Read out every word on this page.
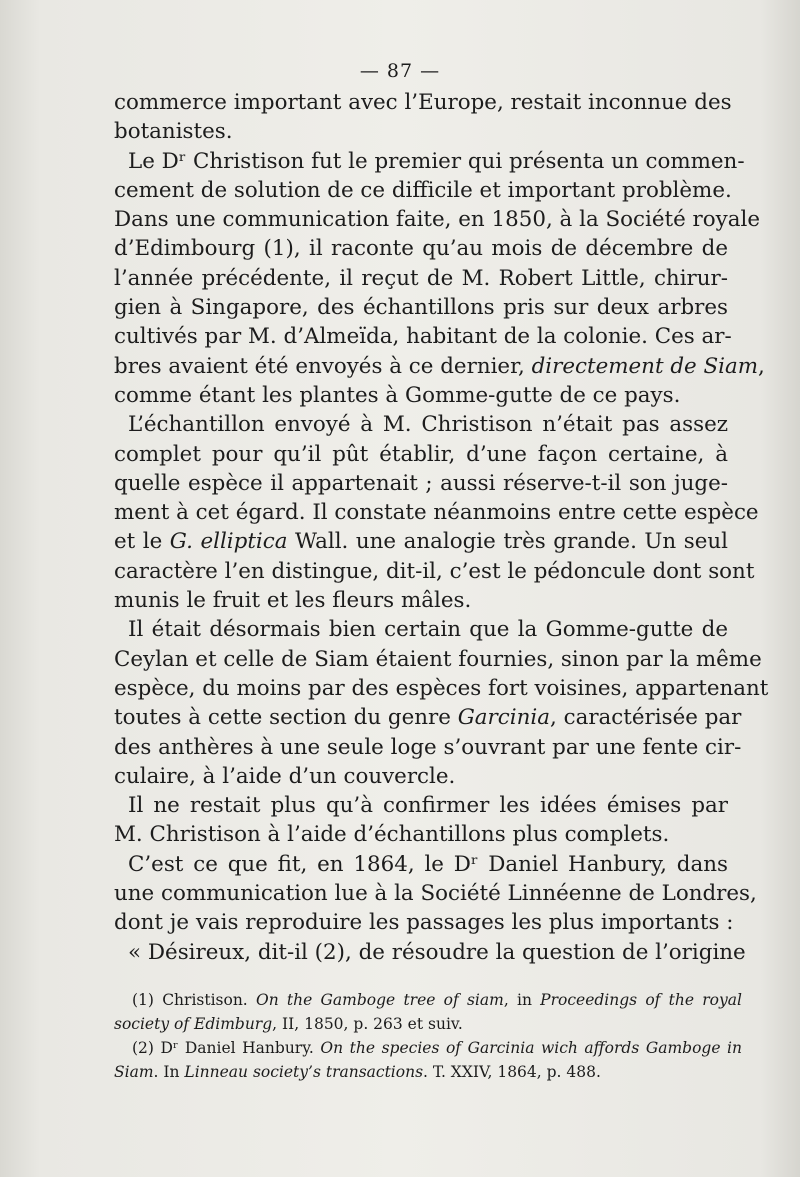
— 87 —
commerce important avec l’Europe, restait inconnue des
botanistes.
Le Dʳ Christison fut le premier qui présenta un commen-
cement de solution de ce difficile et important problème.
Dans une communication faite, en 1850, à la Société royale
d’Edimbourg (1), il raconte qu’au mois de décembre de
l’année précédente, il reçut de M. Robert Little, chirur-
gien à Singapore, des échantillons pris sur deux arbres
cultivés par M. d’Almeïda, habitant de la colonie. Ces ar-
bres avaient été envoyés à ce dernier, directement de Siam,
comme étant les plantes à Gomme-gutte de ce pays.
L’échantillon envoyé à M. Christison n’était pas assez
complet pour qu’il pût établir, d’une façon certaine, à
quelle espèce il appartenait ; aussi réserve-t-il son juge-
ment à cet égard. Il constate néanmoins entre cette espèce
et le G. elliptica Wall. une analogie très grande. Un seul
caractère l’en distingue, dit-il, c’est le pédoncule dont sont
munis le fruit et les fleurs mâles.
Il était désormais bien certain que la Gomme-gutte de
Ceylan et celle de Siam étaient fournies, sinon par la même
espèce, du moins par des espèces fort voisines, appartenant
toutes à cette section du genre Garcinia, caractérisée par
des anthères à une seule loge s’ouvrant par une fente cir-
culaire, à l’aide d’un couvercle.
Il ne restait plus qu’à confirmer les idées émises par
M. Christison à l’aide d’échantillons plus complets.
C’est ce que fit, en 1864, le Dʳ Daniel Hanbury, dans
une communication lue à la Société Linnéenne de Londres,
dont je vais reproduire les passages les plus importants :
« Désireux, dit-il (2), de résoudre la question de l’origine
(1) Christison. On the Gamboge tree of siam, in Proceedings of the royal
society of Edimburg, II, 1850, p. 263 et suiv.
(2) Dʳ Daniel Hanbury. On the species of Garcinia wich affords Gamboge in
Siam. In Linneau society’s transactions. T. XXIV, 1864, p. 488.
